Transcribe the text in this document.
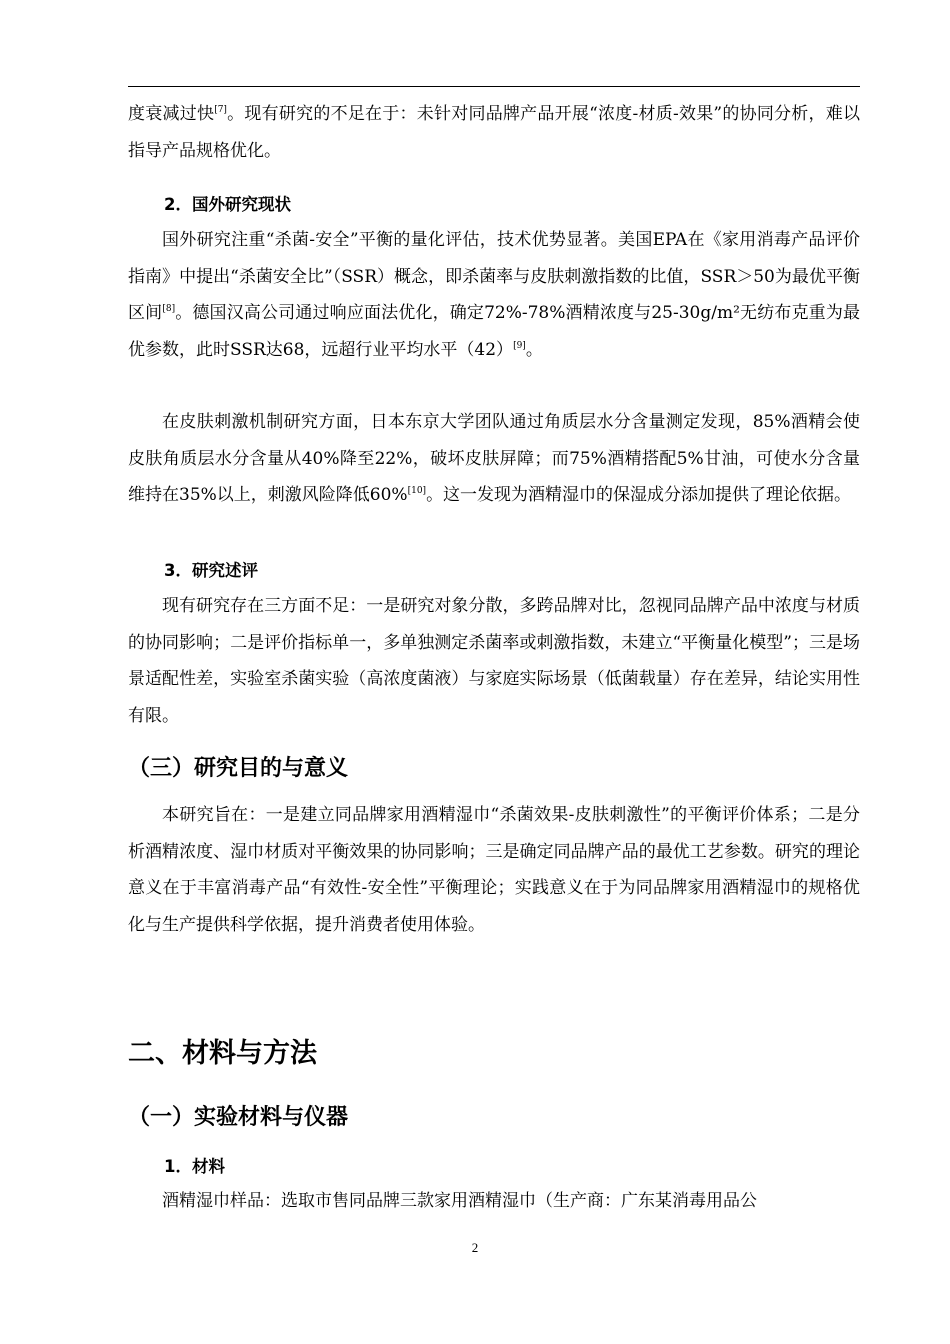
度衰减过快[7]。现有研究的不足在于：未针对同品牌产品开展“浓度-材质-效果”的协同分析，难以指导产品规格优化。

2．国外研究现状

国外研究注重“杀菌-安全”平衡的量化评估，技术优势显著。美国EPA在《家用消毒产品评价指南》中提出“杀菌安全比”（SSR）概念，即杀菌率与皮肤刺激指数的比值，SSR＞50为最优平衡区间[8]。德国汉高公司通过响应面法优化，确定72%-78%酒精浓度与25-30g/m²无纺布克重为最优参数，此时SSR达68，远超行业平均水平（42）[9]。

在皮肤刺激机制研究方面，日本东京大学团队通过角质层水分含量测定发现，85%酒精会使皮肤角质层水分含量从40%降至22%，破坏皮肤屏障；而75%酒精搭配5%甘油，可使水分含量维持在35%以上，刺激风险降低60%[10]。这一发现为酒精湿巾的保湿成分添加提供了理论依据。

3．研究述评

现有研究存在三方面不足：一是研究对象分散，多跨品牌对比，忽视同品牌产品中浓度与材质的协同影响；二是评价指标单一，多单独测定杀菌率或刺激指数，未建立“平衡量化模型”；三是场景适配性差，实验室杀菌实验（高浓度菌液）与家庭实际场景（低菌载量）存在差异，结论实用性有限。

（三）研究目的与意义

本研究旨在：一是建立同品牌家用酒精湿巾“杀菌效果-皮肤刺激性”的平衡评价体系；二是分析酒精浓度、湿巾材质对平衡效果的协同影响；三是确定同品牌产品的最优工艺参数。研究的理论意义在于丰富消毒产品“有效性-安全性”平衡理论；实践意义在于为同品牌家用酒精湿巾的规格优化与生产提供科学依据，提升消费者使用体验。

二、材料与方法

（一）实验材料与仪器

1．材料

酒精湿巾样品：选取市售同品牌三款家用酒精湿巾（生产商：广东某消毒用品公

2
